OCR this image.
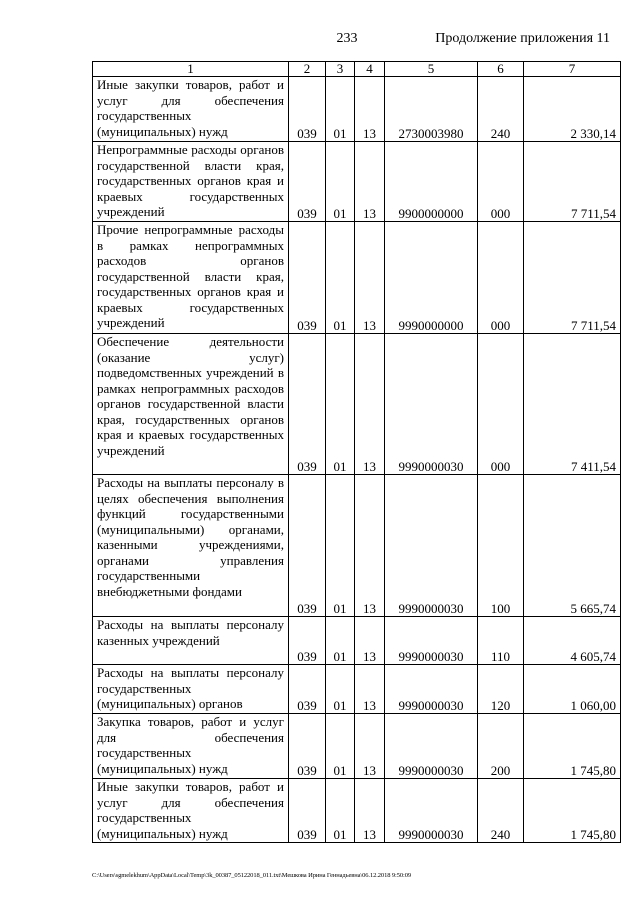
233	Продолжение приложения 11
1	2	3	4	5	6	7
Иные закупки товаров, работ и услуг для обеспечения государственных (муниципальных) нужд	039	01	13	2730003980	240	2 330,14
Непрограммные расходы органов государственной власти края, государственных органов края и краевых государственных учреждений	039	01	13	9900000000	000	7 711,54
Прочие непрограммные расходы в рамках непрограммных расходов органов государственной власти края, государственных органов края и краевых государственных учреждений	039	01	13	9990000000	000	7 711,54
Обеспечение деятельности (оказание услуг) подведомственных учреждений в рамках непрограммных расходов органов государственной власти края, государственных органов края и краевых государственных учреждений	039	01	13	9990000030	000	7 411,54
Расходы на выплаты персоналу в целях обеспечения выполнения функций государственными (муниципальными) органами, казенными учреждениями, органами управления государственными внебюджетными фондами	039	01	13	9990000030	100	5 665,74
Расходы на выплаты персоналу казенных учреждений	039	01	13	9990000030	110	4 605,74
Расходы на выплаты персоналу государственных (муниципальных) органов	039	01	13	9990000030	120	1 060,00
Закупка товаров, работ и услуг для обеспечения государственных (муниципальных) нужд	039	01	13	9990000030	200	1 745,80
Иные закупки товаров, работ и услуг для обеспечения государственных (муниципальных) нужд	039	01	13	9990000030	240	1 745,80
C:\Users\sgmelekhum\AppData\Local\Temp\3k_00387_05122018_011.txt\Мешкова Ирина Геннадьевна\06.12.2018 9:50:09
